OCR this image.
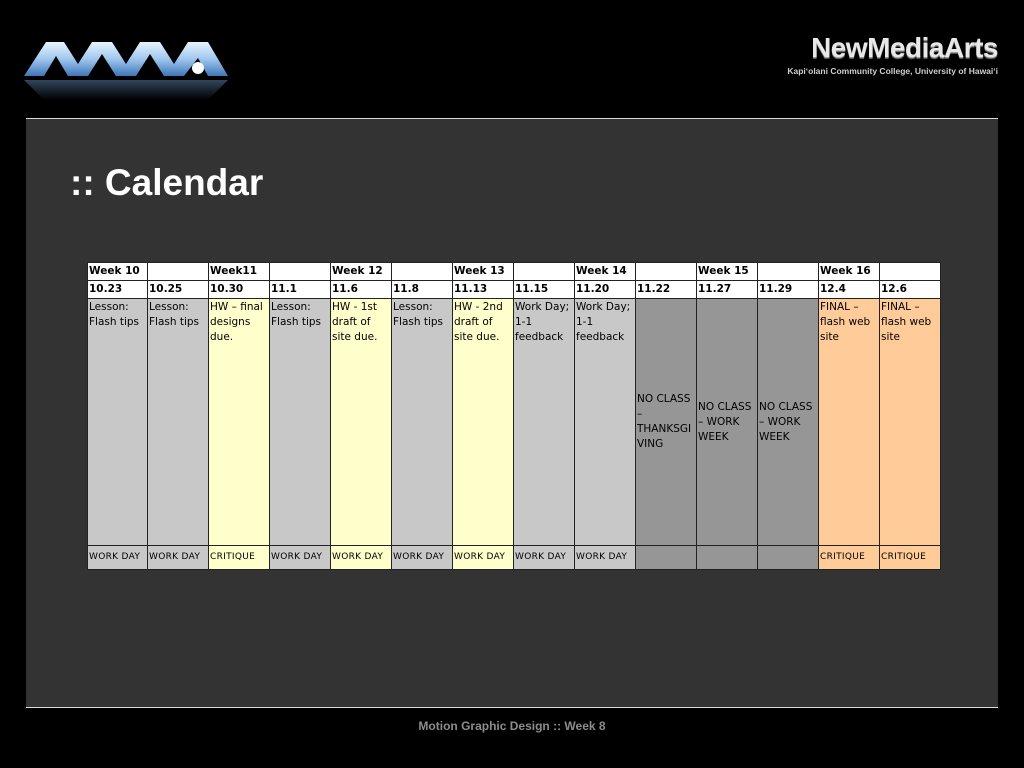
NewMediaArts
Kapiʻolani Community College, University of Hawaiʻi
:: Calendar
Week 10		Week11		Week 12		Week 13		Week 14		Week 15		Week 16	
10.23	10.25	10.30	11.1	11.6	11.8	11.13	11.15	11.20	11.22	11.27	11.29	12.4	12.6
Lesson: Flash tips	Lesson: Flash tips	HW – final designs due.	Lesson: Flash tips	HW - 1st draft of site due.	Lesson: Flash tips	HW - 2nd draft of site due.	Work Day; 1-1 feedback	Work Day; 1-1 feedback	NO CLASS – THANKSGIVING	NO CLASS – WORK WEEK	NO CLASS – WORK WEEK	FINAL – flash web site	FINAL – flash web site
WORK DAY	WORK DAY	CRITIQUE	WORK DAY	WORK DAY	WORK DAY	WORK DAY	WORK DAY	WORK DAY				CRITIQUE	CRITIQUE
Motion Graphic Design :: Week 8
